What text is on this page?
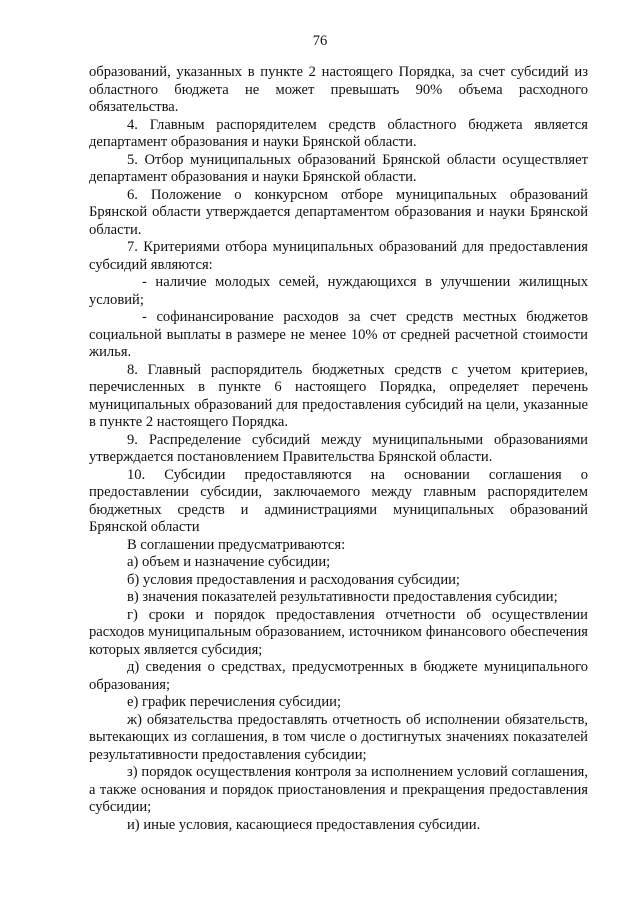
76

образований, указанных в пункте 2 настоящего Порядка, за счет субсидий из областного бюджета не может превышать 90% объема расходного обязательства.

4. Главным распорядителем средств областного бюджета является департамент образования и науки Брянской области.

5. Отбор муниципальных образований Брянской области осуществляет департамент образования и науки Брянской области.

6. Положение о конкурсном отборе муниципальных образований Брянской области утверждается департаментом образования и науки Брянской области.

7. Критериями отбора муниципальных образований для предоставления субсидий являются:

- наличие молодых семей, нуждающихся в улучшении жилищных условий;

- софинансирование расходов за счет средств местных бюджетов социальной выплаты в размере не менее 10% от средней расчетной стоимости жилья.

8. Главный распорядитель бюджетных средств с учетом критериев, перечисленных в пункте 6 настоящего Порядка, определяет перечень муниципальных образований для предоставления субсидий на цели, указанные в пункте 2 настоящего Порядка.

9. Распределение субсидий между муниципальными образованиями утверждается постановлением Правительства Брянской области.

10. Субсидии предоставляются на основании соглашения о предоставлении субсидии, заключаемого между главным распорядителем бюджетных средств и администрациями муниципальных образований Брянской области

В соглашении предусматриваются:

а) объем и назначение субсидии;

б) условия предоставления и расходования субсидии;

в) значения показателей результативности предоставления субсидии;

г) сроки и порядок предоставления отчетности об осуществлении расходов муниципальным образованием, источником финансового обеспечения которых является субсидия;

д) сведения о средствах, предусмотренных в бюджете муниципального образования;

е) график перечисления субсидии;

ж) обязательства предоставлять отчетность об исполнении обязательств, вытекающих из соглашения, в том числе о достигнутых значениях показателей результативности предоставления субсидии;

з) порядок осуществления контроля за исполнением условий соглашения, а также основания и порядок приостановления и прекращения предоставления субсидии;

и) иные условия, касающиеся предоставления субсидии.
